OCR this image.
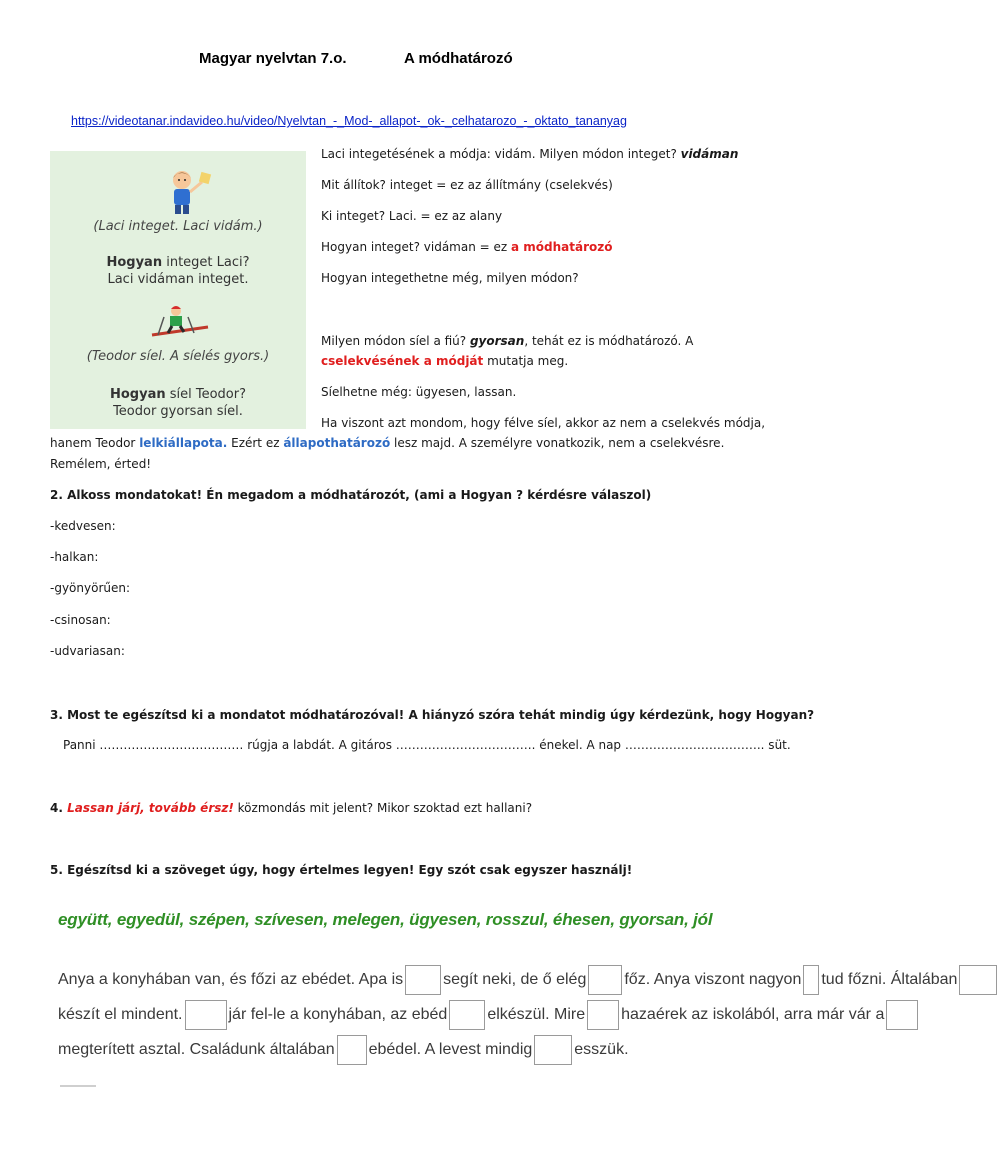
Magyar nyelvtan 7.o.	A módhatározó
https://videotanar.indavideo.hu/video/Nyelvtan_-_Mod-_allapot-_ok-_celhatarozo_-_oktato_tananyag
(Laci integet. Laci vidám.)
Hogyan integet Laci?
Laci vidáman integet.
(Teodor síel. A síelés gyors.)
Hogyan síel Teodor?
Teodor gyorsan síel.
Laci integetésének a módja: vidám. Milyen módon integet? vidáman
Mit állítok? integet = ez az állítmány (cselekvés)
Ki integet? Laci. = ez az alany
Hogyan integet? vidáman = ez a módhatározó
Hogyan integethetne még, milyen módon?
Milyen módon síel a fiú? gyorsan, tehát ez is módhatározó. A
cselekvésének a módját mutatja meg.
Síelhetne még: ügyesen, lassan.
Ha viszont azt mondom, hogy félve síel, akkor az nem a cselekvés módja,
hanem Teodor lelkiállapota. Ezért ez állapothatározó lesz majd. A személyre vonatkozik, nem a cselekvésre.
Remélem, érted!
2. Alkoss mondatokat! Én megadom a módhatározót, (ami a Hogyan ? kérdésre válaszol)
-kedvesen:
-halkan:
-gyönyörűen:
-csinosan:
-udvariasan:
3. Most te egészítsd ki a mondatot módhatározóval! A hiányzó szóra tehát mindig úgy kérdezünk, hogy Hogyan?
Panni ……………………………… rúgja a labdát. A gitáros …………………………….. énekel. A nap …………………………….. süt.
4. Lassan járj, tovább érsz! közmondás mit jelent? Mikor szoktad ezt hallani?
5. Egészítsd ki a szöveget úgy, hogy értelmes legyen! Egy szót csak egyszer használj!
együtt, egyedül, szépen, szívesen, melegen, ügyesen, rosszul, éhesen, gyorsan, jól
Anya a konyhában van, és főzi az ebédet. Apa is	segít neki, de ő elég főz. Anya viszont nagyon tud főzni. Általában
készít el mindent.	jár fel-le a konyhában, az ebéd	elkészül. Mire hazaérek az iskolából, arra már vár a
megterített asztal. Családunk általában ebédel. A levest mindig	esszük.
